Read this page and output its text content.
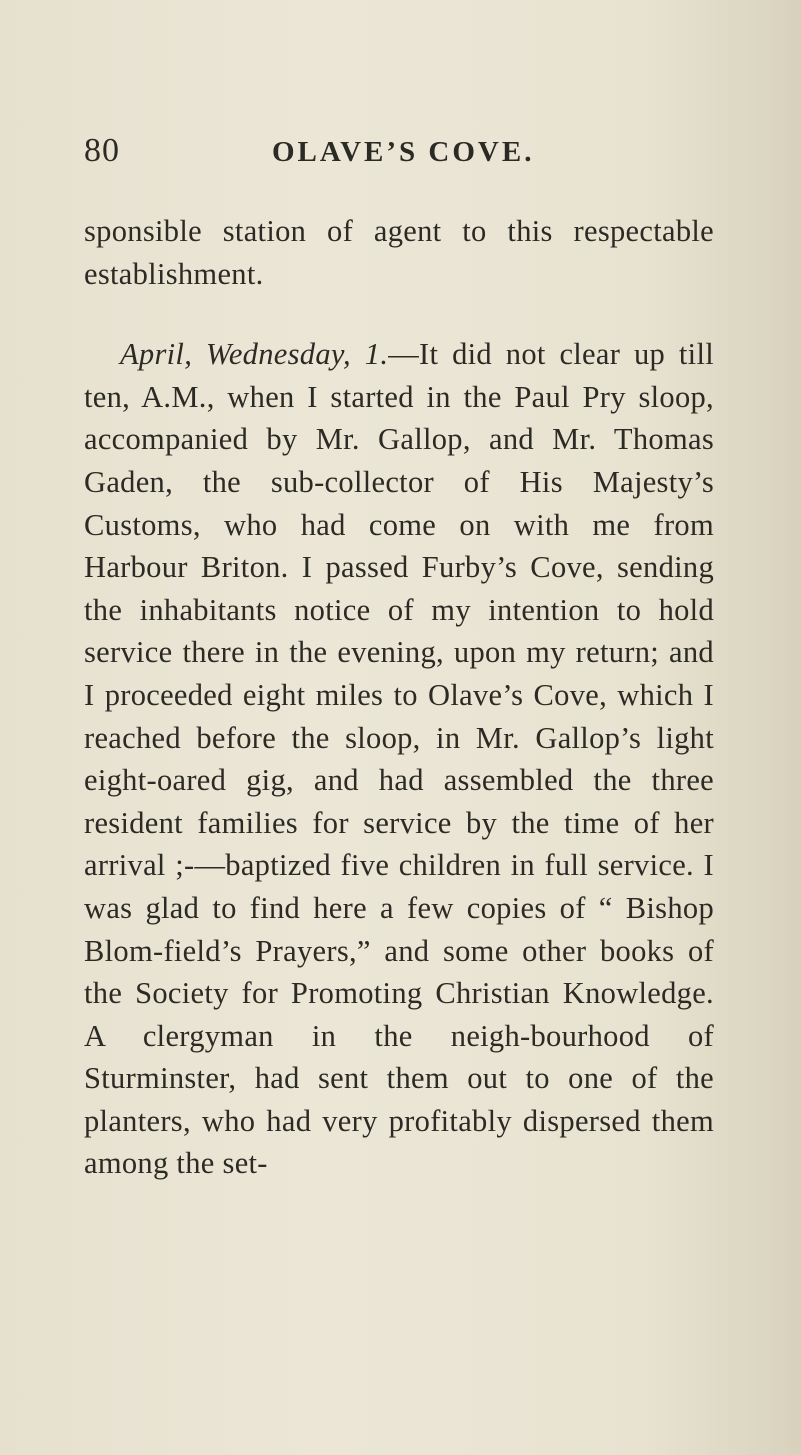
80	OLAVE’S COVE.

sponsible station of agent to this respectable establishment.

April, Wednesday, 1.—It did not clear up till ten, A.M., when I started in the Paul Pry sloop, accompanied by Mr. Gallop, and Mr. Thomas Gaden, the sub-collector of His Majesty’s Customs, who had come on with me from Harbour Briton. I passed Furby’s Cove, sending the inhabitants notice of my intention to hold service there in the evening, upon my return; and I proceeded eight miles to Olave’s Cove, which I reached before the sloop, in Mr. Gallop’s light eight-oared gig, and had assembled the three resident families for service by the time of her arrival ;-—baptized five children in full service. I was glad to find here a few copies of “ Bishop Blom-field’s Prayers,” and some other books of the Society for Promoting Christian Knowledge. A clergyman in the neigh-bourhood of Sturminster, had sent them out to one of the planters, who had very profitably dispersed them among the set-
